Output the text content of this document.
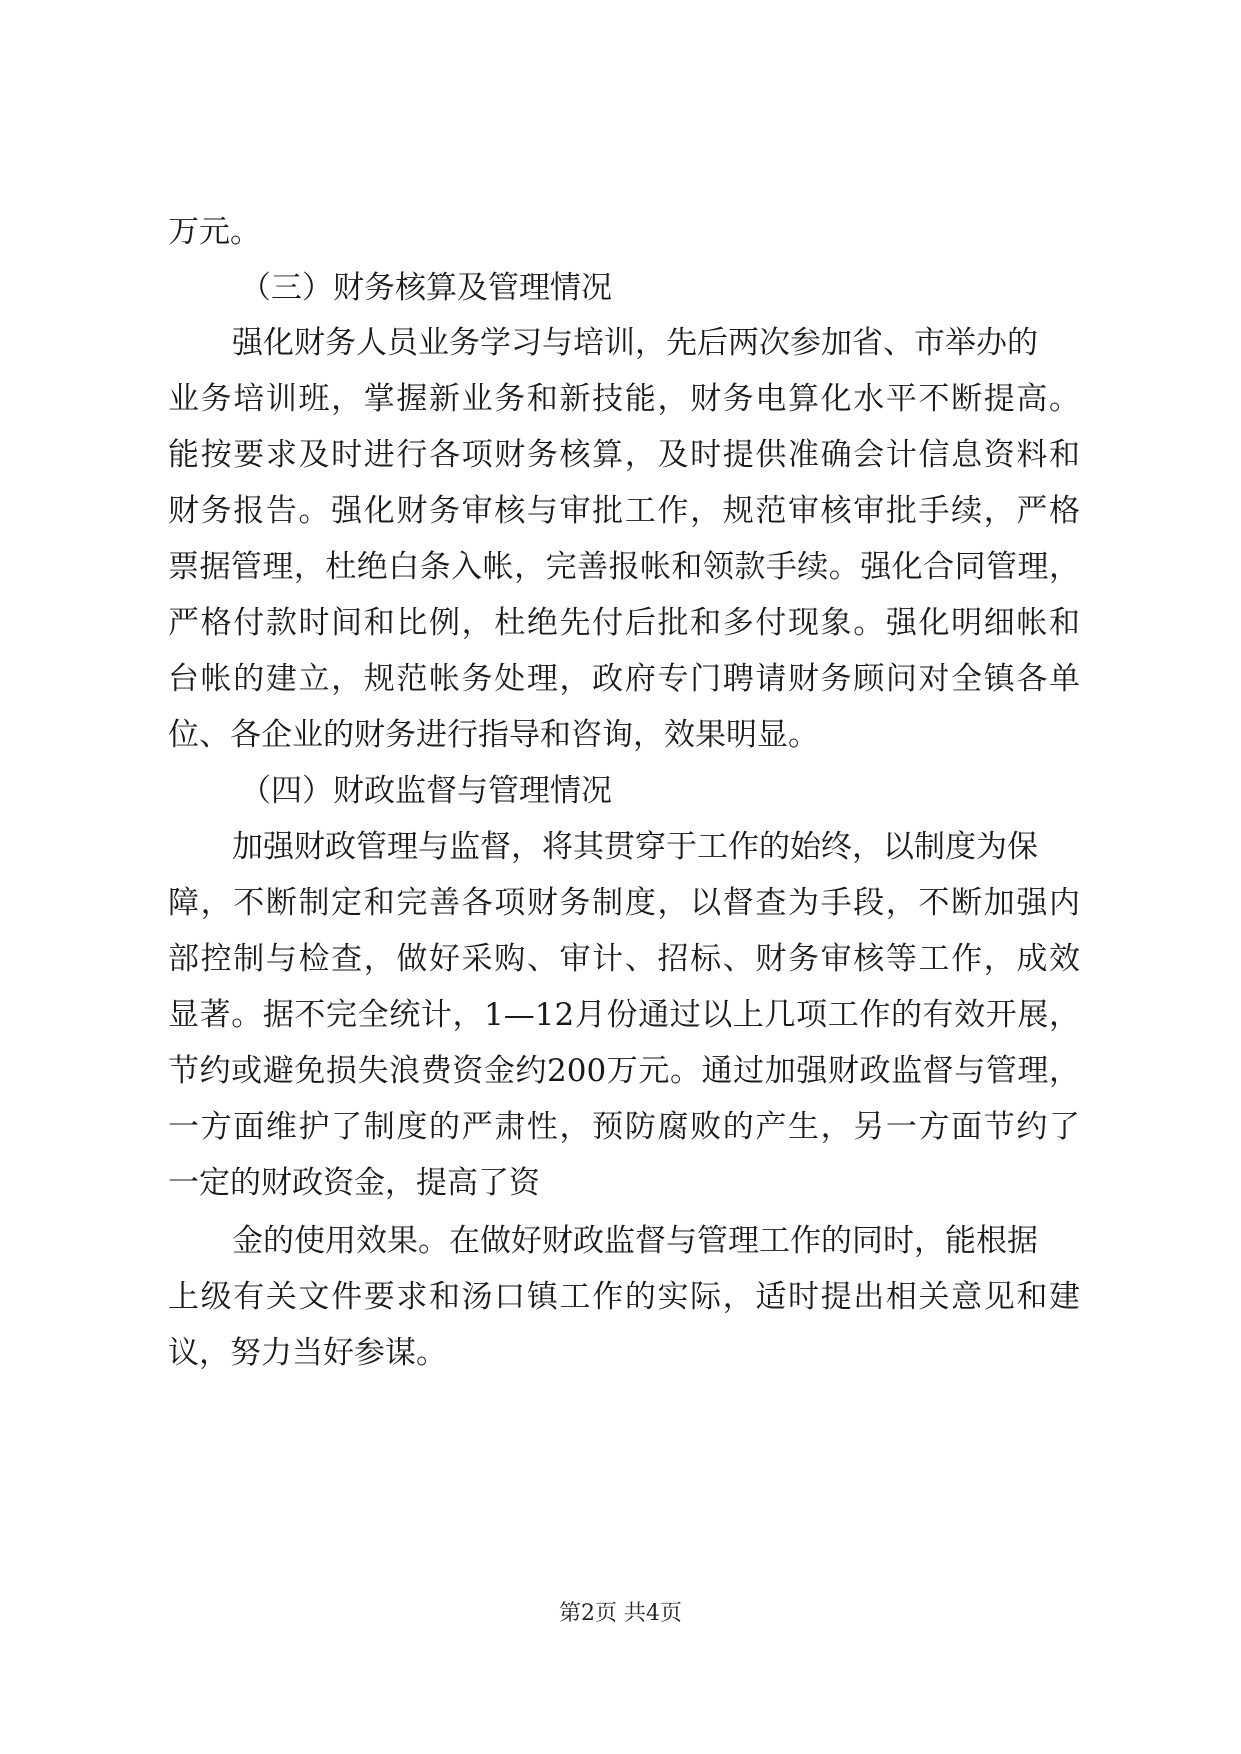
万元。
（三）财务核算及管理情况
强化财务人员业务学习与培训，先后两次参加省、市举办的
业务培训班，掌握新业务和新技能，财务电算化水平不断提高。
能按要求及时进行各项财务核算，及时提供准确会计信息资料和
财务报告。强化财务审核与审批工作，规范审核审批手续，严格
票据管理，杜绝白条入帐，完善报帐和领款手续。强化合同管理，
严格付款时间和比例，杜绝先付后批和多付现象。强化明细帐和
台帐的建立，规范帐务处理，政府专门聘请财务顾问对全镇各单
位、各企业的财务进行指导和咨询，效果明显。
（四）财政监督与管理情况
加强财政管理与监督，将其贯穿于工作的始终，以制度为保
障，不断制定和完善各项财务制度，以督查为手段，不断加强内
部控制与检查，做好采购、审计、招标、财务审核等工作，成效
显著。据不完全统计，1—12月份通过以上几项工作的有效开展，
节约或避免损失浪费资金约200万元。通过加强财政监督与管理，
一方面维护了制度的严肃性，预防腐败的产生，另一方面节约了
一定的财政资金，提高了资
金的使用效果。在做好财政监督与管理工作的同时，能根据
上级有关文件要求和汤口镇工作的实际，适时提出相关意见和建
议，努力当好参谋。
第2页 共4页
